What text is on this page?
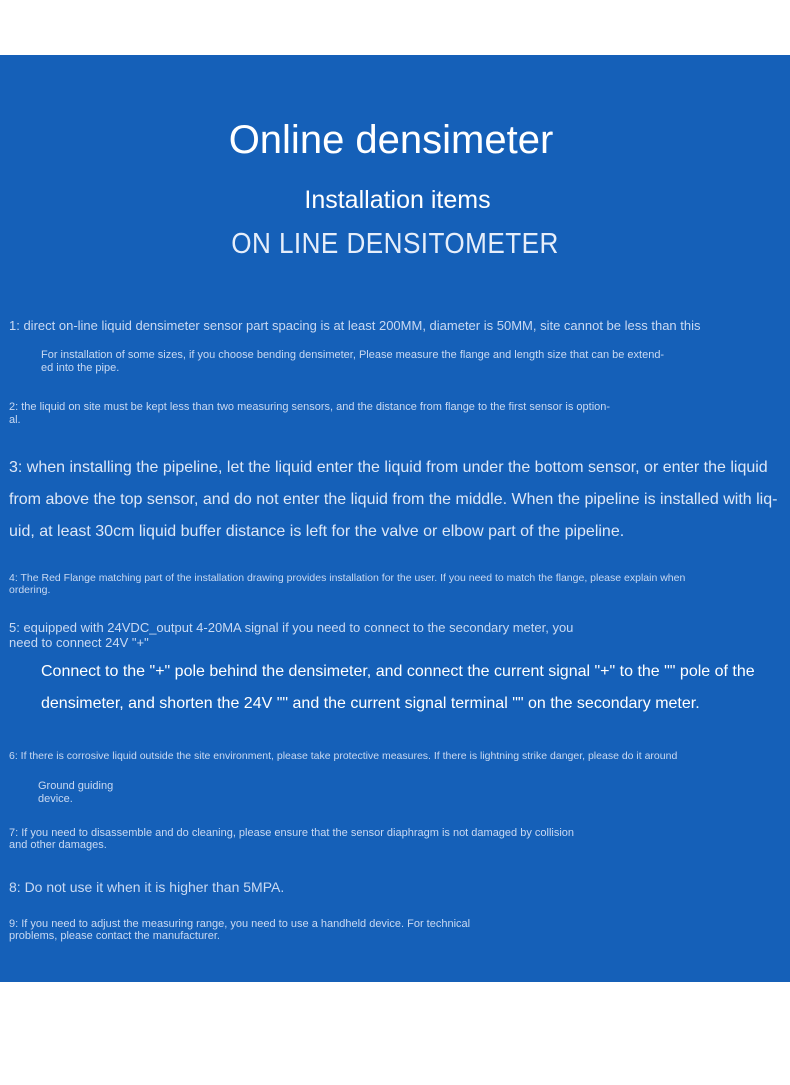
Online densimeter
Installation items
ON LINE DENSITOMETER

1: direct on-line liquid densimeter sensor part spacing is at least 200MM, diameter is 50MM, site cannot be less than this

For installation of some sizes, if you choose bending densimeter, Please measure the flange and length size that can be extend-

ed into the pipe.

2: the liquid on site must be kept less than two measuring sensors, and the distance from flange to the first sensor is option-

al.

3: when installing the pipeline, let the liquid enter the liquid from under the bottom sensor, or enter the liquid

from above the top sensor, and do not enter the liquid from the middle. When the pipeline is installed with liq-

uid, at least 30cm liquid buffer distance is left for the valve or elbow part of the pipeline.

4: The Red Flange matching part of the installation drawing provides installation for the user. If you need to match the flange, please explain when

ordering.

5: equipped with 24VDC_output 4-20MA signal if you need to connect to the secondary meter, you

need to connect 24V "+"

Connect to the "+" pole behind the densimeter, and connect the current signal "+" to the "" pole of the

densimeter, and shorten the 24V "" and the current signal terminal "" on the secondary meter.

6: If there is corrosive liquid outside the site environment, please take protective measures. If there is lightning strike danger, please do it around

Ground guiding

device.

7: If you need to disassemble and do cleaning, please ensure that the sensor diaphragm is not damaged by collision

and other damages.

8: Do not use it when it is higher than 5MPA.

9: If you need to adjust the measuring range, you need to use a handheld device. For technical

problems, please contact the manufacturer.
